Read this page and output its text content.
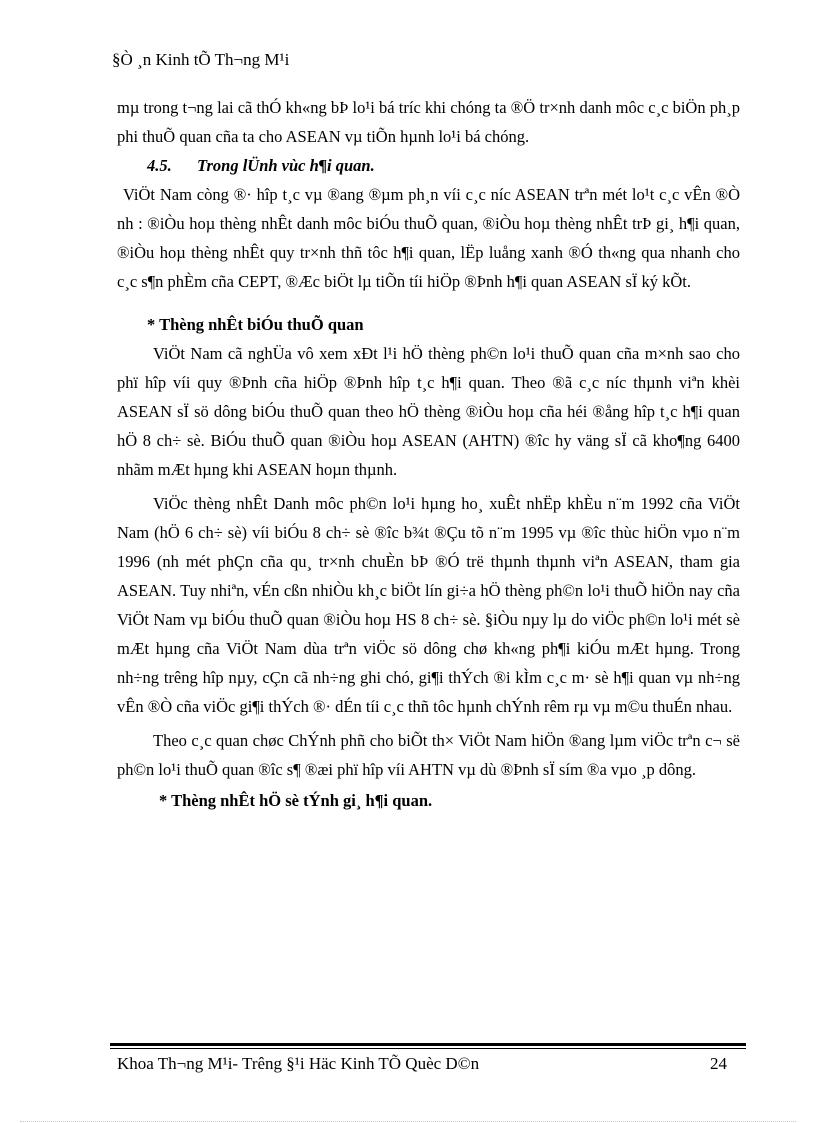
§Ò ¸n Kinh tÕ Th¬ng M¹i

mµ trong t¬ng lai cã thÓ kh«ng bÞ lo¹i bá tríc khi chóng ta ®Ö tr×nh danh môc c¸c biÖn ph¸p phi thuÕ quan cña ta cho ASEAN vµ tiÕn hµnh lo¹i bá chóng.

4.5. Trong lÜnh vùc h¶i quan.

ViÖt Nam còng ®· hîp t¸c vµ ®ang ®µm ph¸n víi c¸c níc ASEAN trªn mét lo¹t c¸c vÊn ®Ò nh : ®iÒu hoµ thèng nhÊt danh môc biÓu thuÕ quan, ®iÒu hoµ thèng nhÊt trÞ gi¸ h¶i quan, ®iÒu hoµ thèng nhÊt quy tr×nh thñ tôc h¶i quan, lËp luång xanh ®Ó th«ng qua nhanh cho c¸c s¶n phÈm cña CEPT, ®Æc biÖt lµ tiÕn tíi hiÖp ®Þnh h¶i quan ASEAN sÏ ký kÕt.

* Thèng nhÊt biÓu thuÕ quan

ViÖt Nam cã nghÜa vô xem xÐt l¹i hÖ thèng ph©n lo¹i thuÕ quan cña m×nh sao cho phï hîp víi quy ®Þnh cña hiÖp ®Þnh hîp t¸c h¶i quan. Theo ®ã c¸c níc thµnh viªn khèi ASEAN sÏ sö dông biÓu thuÕ quan theo hÖ thèng ®iÒu hoµ cña héi ®ång hîp t¸c h¶i quan hÖ 8 ch÷ sè. BiÓu thuÕ quan ®iÒu hoµ ASEAN (AHTN) ®îc hy väng sÏ cã kho¶ng 6400 nhãm mÆt hµng khi ASEAN hoµn thµnh.

ViÖc thèng nhÊt Danh môc ph©n lo¹i hµng ho¸ xuÊt nhËp khÈu n¨m 1992 cña ViÖt Nam (hÖ 6 ch÷ sè) víi biÓu 8 ch÷ sè ®îc b¾t ®Çu tõ n¨m 1995 vµ ®îc thùc hiÖn vµo n¨m 1996 (nh mét phÇn cña qu¸ tr×nh chuÈn bÞ ®Ó trë thµnh thµnh viªn ASEAN, tham gia ASEAN. Tuy nhiªn, vÉn cßn nhiÒu kh¸c biÖt lín gi÷a hÖ thèng ph©n lo¹i thuÕ hiÖn nay cña ViÖt Nam vµ biÓu thuÕ quan ®iÒu hoµ HS 8 ch÷ sè. §iÒu nµy lµ do viÖc ph©n lo¹i mét sè mÆt hµng cña ViÖt Nam dùa trªn viÖc sö dông chø kh«ng ph¶i kiÓu mÆt hµng. Trong nh÷ng trêng hîp nµy, cÇn cã nh÷ng ghi chó, gi¶i thÝch ®i kÌm c¸c m· sè h¶i quan vµ nh÷ng vÊn ®Ò cña viÖc gi¶i thÝch ®· dÉn tíi c¸c thñ tôc hµnh chÝnh rêm rµ vµ m©u thuÉn nhau.

Theo c¸c quan chøc ChÝnh phñ cho biÕt th× ViÖt Nam hiÖn ®ang lµm viÖc trªn c¬ së ph©n lo¹i thuÕ quan ®îc s¶ ®æi phï hîp víi AHTN vµ dù ®Þnh sÏ sím ®a vµo ¸p dông.

* Thèng nhÊt hÖ sè tÝnh gi¸ h¶i quan.

Khoa Th¬ng M¹i- Trêng §¹i Häc Kinh TÕ Quèc D©n	24
